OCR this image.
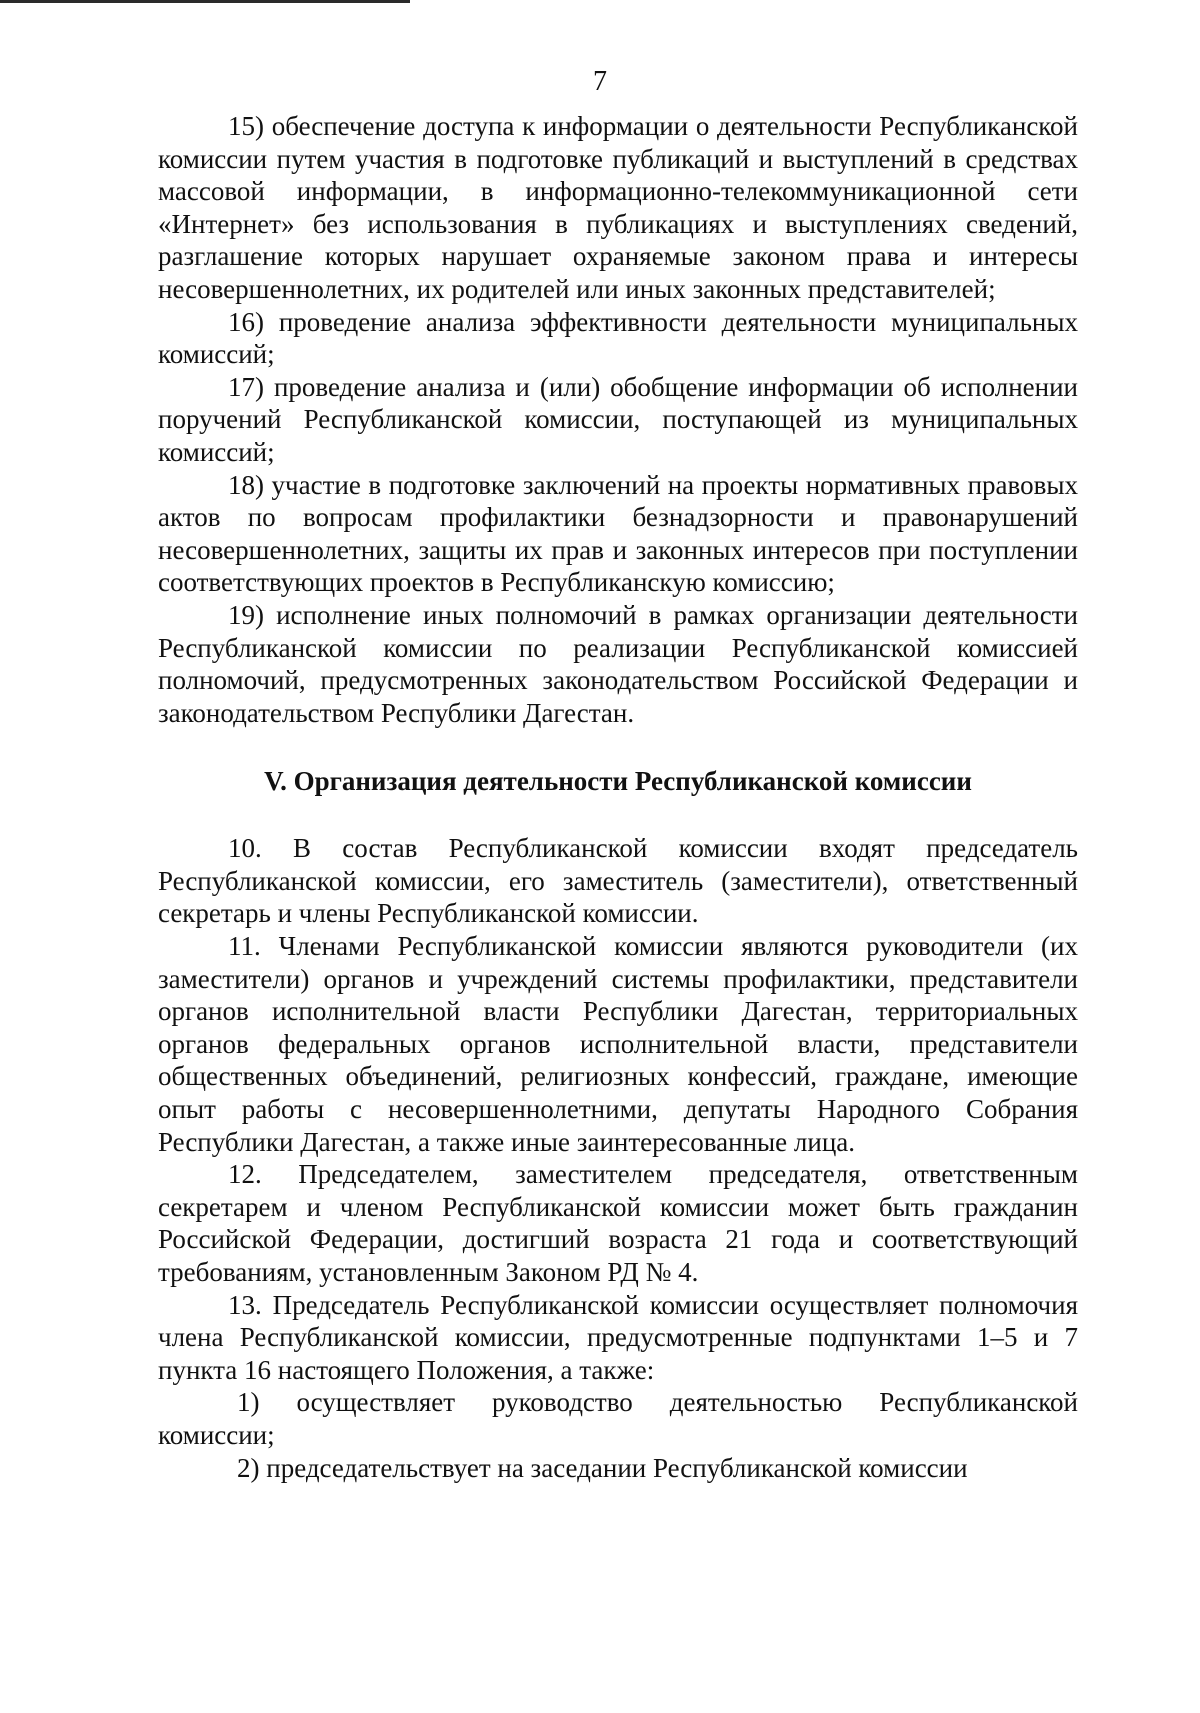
7

15) обеспечение доступа к информации о деятельности Республиканской комиссии путем участия в подготовке публикаций и выступлений в средствах массовой информации, в информационно-телекоммуникационной сети «Интернет» без использования в публикациях и выступлениях сведений, разглашение которых нарушает охраняемые законом права и интересы несовершеннолетних, их родителей или иных законных представителей;

16) проведение анализа эффективности деятельности муниципальных комиссий;

17) проведение анализа и (или) обобщение информации об исполнении поручений Республиканской комиссии, поступающей из муниципальных комиссий;

18) участие в подготовке заключений на проекты нормативных правовых актов по вопросам профилактики безнадзорности и правонарушений несовершеннолетних, защиты их прав и законных интересов при поступлении соответствующих проектов в Республиканскую комиссию;

19) исполнение иных полномочий в рамках организации деятельности Республиканской комиссии по реализации Республиканской комиссией полномочий, предусмотренных законодательством Российской Федерации и законодательством Республики Дагестан.

V. Организация деятельности Республиканской комиссии

10. В состав Республиканской комиссии входят председатель Республиканской комиссии, его заместитель (заместители), ответственный секретарь и члены Республиканской комиссии.

11. Членами Республиканской комиссии являются руководители (их заместители) органов и учреждений системы профилактики, представители органов исполнительной власти Республики Дагестан, территориальных органов федеральных органов исполнительной власти, представители общественных объединений, религиозных конфессий, граждане, имеющие опыт работы с несовершеннолетними, депутаты Народного Собрания Республики Дагестан, а также иные заинтересованные лица.

12. Председателем, заместителем председателя, ответственным секретарем и членом Республиканской комиссии может быть гражданин Российской Федерации, достигший возраста 21 года и соответствующий требованиям, установленным Законом РД № 4.

13. Председатель Республиканской комиссии осуществляет полномочия члена Республиканской комиссии, предусмотренные подпунктами 1–5 и 7 пункта 16 настоящего Положения, а также:

1) осуществляет руководство деятельностью Республиканской комиссии;

2) председательствует на заседании Республиканской комиссии
